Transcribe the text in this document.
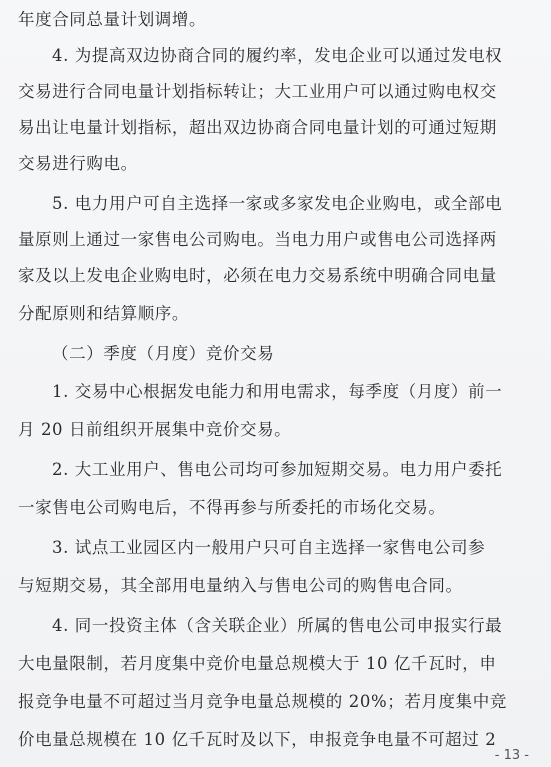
年度合同总量计划调增。
4. 为提高双边协商合同的履约率，发电企业可以通过发电权
交易进行合同电量计划指标转让；大工业用户可以通过购电权交
易出让电量计划指标，超出双边协商合同电量计划的可通过短期
交易进行购电。
5. 电力用户可自主选择一家或多家发电企业购电，或全部电
量原则上通过一家售电公司购电。当电力用户或售电公司选择两
家及以上发电企业购电时，必须在电力交易系统中明确合同电量
分配原则和结算顺序。
（二）季度（月度）竞价交易
1. 交易中心根据发电能力和用电需求，每季度（月度）前一
月 20 日前组织开展集中竞价交易。
2. 大工业用户、售电公司均可参加短期交易。电力用户委托
一家售电公司购电后，不得再参与所委托的市场化交易。
3. 试点工业园区内一般用户只可自主选择一家售电公司参
与短期交易，其全部用电量纳入与售电公司的购售电合同。
4. 同一投资主体（含关联企业）所属的售电公司申报实行最
大电量限制，若月度集中竞价电量总规模大于 10 亿千瓦时，申
报竞争电量不可超过当月竞争电量总规模的 20%；若月度集中竞
价电量总规模在 10 亿千瓦时及以下，申报竞争电量不可超过 2
- 13 -
